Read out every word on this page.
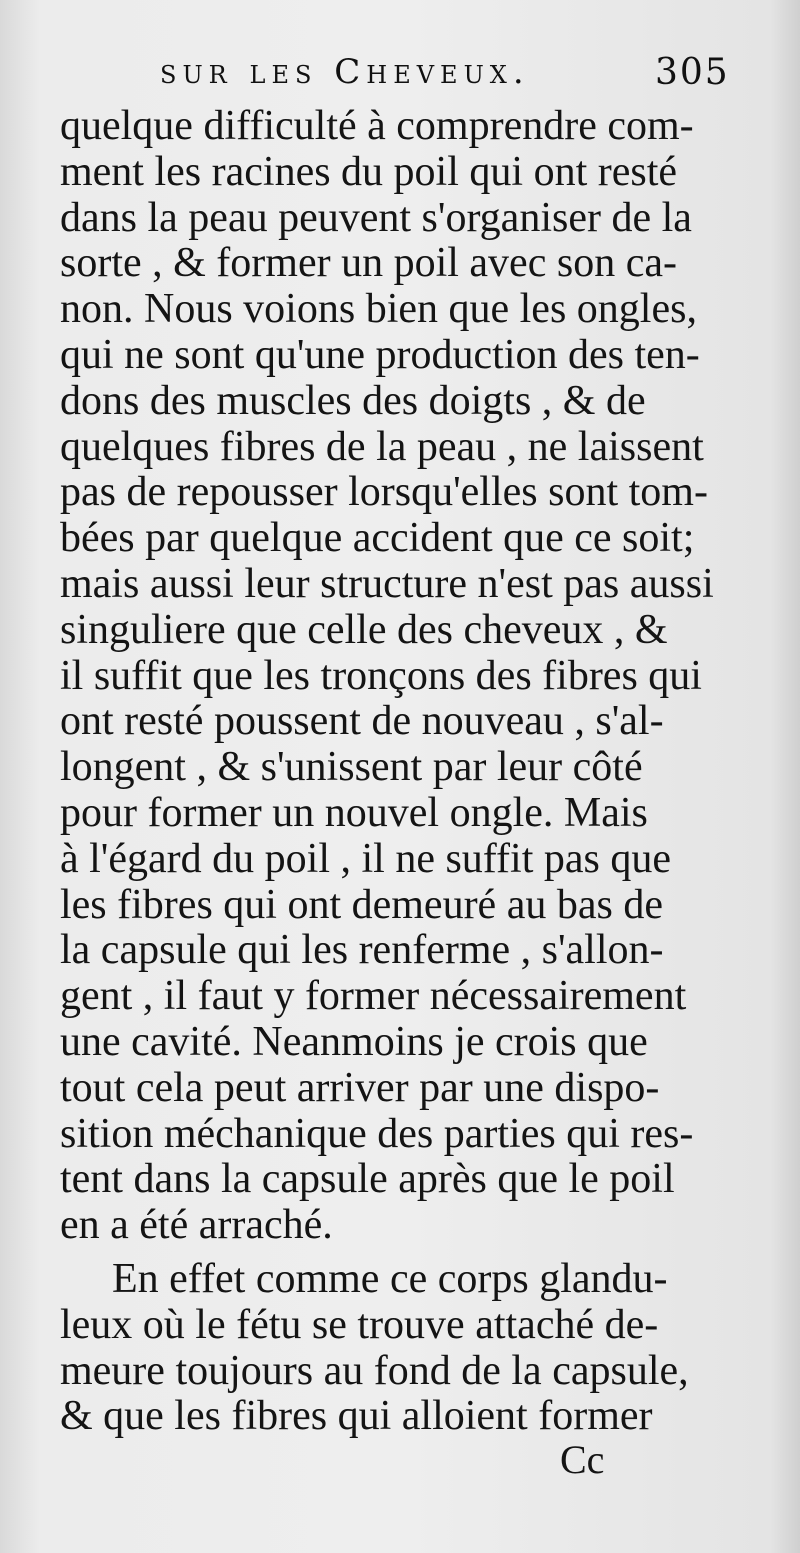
sur les Cheveux.	305
quelque difficulté à comprendre com-
ment les racines du poil qui ont resté
dans la peau peuvent s'organiser de la
sorte , & former un poil avec son ca-
non. Nous voions bien que les ongles,
qui ne sont qu'une production des ten-
dons des muscles des doigts , & de
quelques fibres de la peau , ne laissent
pas de repousser lorsqu'elles sont tom-
bées par quelque accident que ce soit;
mais aussi leur structure n'est pas aussi
singuliere que celle des cheveux , &
il suffit que les tronçons des fibres qui
ont resté poussent de nouveau , s'al-
longent , & s'unissent par leur côté
pour former un nouvel ongle. Mais
à l'égard du poil , il ne suffit pas que
les fibres qui ont demeuré au bas de
la capsule qui les renferme , s'allon-
gent , il faut y former nécessairement
une cavité. Neanmoins je crois que
tout cela peut arriver par une dispo-
sition méchanique des parties qui res-
tent dans la capsule après que le poil
en a été arraché.
En effet comme ce corps glandu-
leux où le fétu se trouve attaché de-
meure toujours au fond de la capsule,
& que les fibres qui alloient former
Cc
